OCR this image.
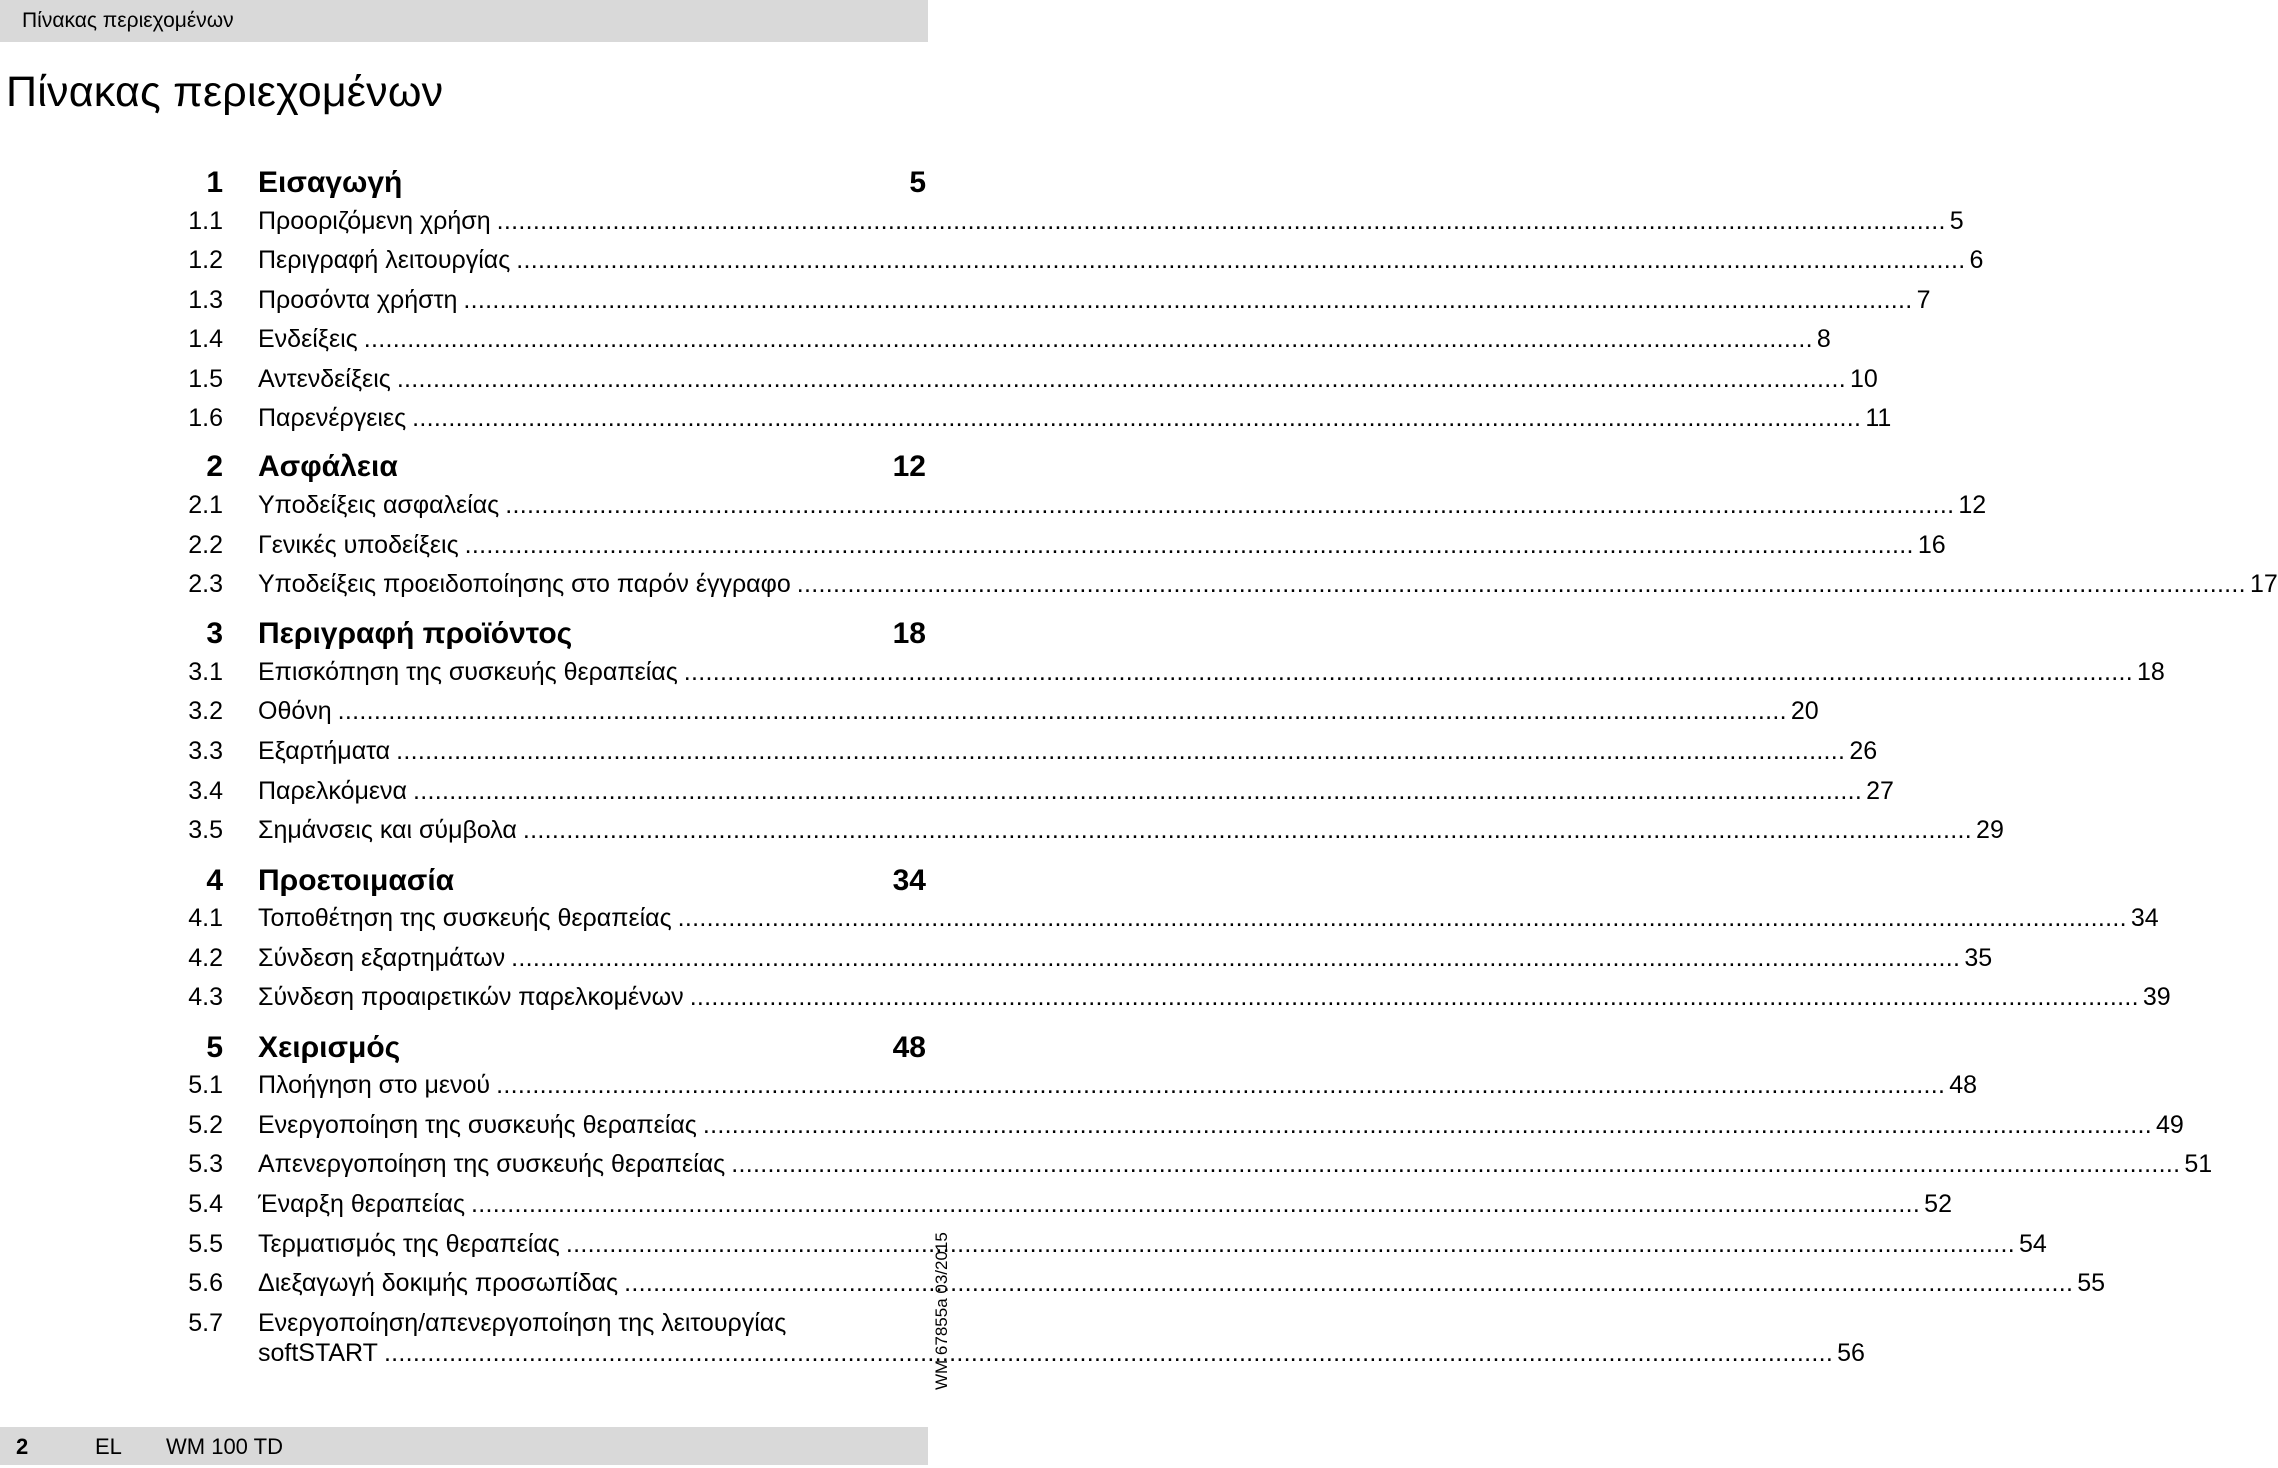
Πίνακας περιεχομένων
Πίνακας περιεχομένων
1 Εισαγωγή	5
1.1 Προοριζόμενη χρήση ........................................................................................................................................................................................................ 5
1.2 Περιγραφή λειτουργίας ........................................................................................................................................................................................................ 6
1.3 Προσόντα χρήστη ........................................................................................................................................................................................................ 7
1.4 Ενδείξεις ........................................................................................................................................................................................................ 8
1.5 Αντενδείξεις ........................................................................................................................................................................................................ 10
1.6 Παρενέργειες ........................................................................................................................................................................................................ 11
2 Ασφάλεια	12
2.1 Υποδείξεις ασφαλείας ........................................................................................................................................................................................................ 12
2.2 Γενικές υποδείξεις ........................................................................................................................................................................................................ 16
2.3 Υποδείξεις προειδοποίησης στο παρόν έγγραφο ........................................................................................................................................................................................................ 17
3 Περιγραφή προϊόντος	18
3.1 Επισκόπηση της συσκευής θεραπείας ........................................................................................................................................................................................................ 18
3.2 Οθόνη ........................................................................................................................................................................................................ 20
3.3 Εξαρτήματα ........................................................................................................................................................................................................ 26
3.4 Παρελκόμενα ........................................................................................................................................................................................................ 27
3.5 Σημάνσεις και σύμβολα ........................................................................................................................................................................................................ 29
4 Προετοιμασία	34
4.1 Τοποθέτηση της συσκευής θεραπείας ........................................................................................................................................................................................................ 34
4.2 Σύνδεση εξαρτημάτων ........................................................................................................................................................................................................ 35
4.3 Σύνδεση προαιρετικών παρελκομένων ........................................................................................................................................................................................................ 39
5 Χειρισμός	48
5.1 Πλοήγηση στο μενού ........................................................................................................................................................................................................ 48
5.2 Ενεργοποίηση της συσκευής θεραπείας ........................................................................................................................................................................................................ 49
5.3 Απενεργοποίηση της συσκευής θεραπείας ........................................................................................................................................................................................................ 51
5.4 Έναρξη θεραπείας ........................................................................................................................................................................................................ 52
5.5 Τερματισμός της θεραπείας ........................................................................................................................................................................................................ 54
5.6 Διεξαγωγή δοκιμής προσωπίδας ........................................................................................................................................................................................................ 55
5.7 Ενεργοποίηση/απενεργοποίηση της λειτουργίας
softSTART ........................................................................................................................................................................................................ 56
2	EL WM 100 TD
WM 67855a 03/2015
